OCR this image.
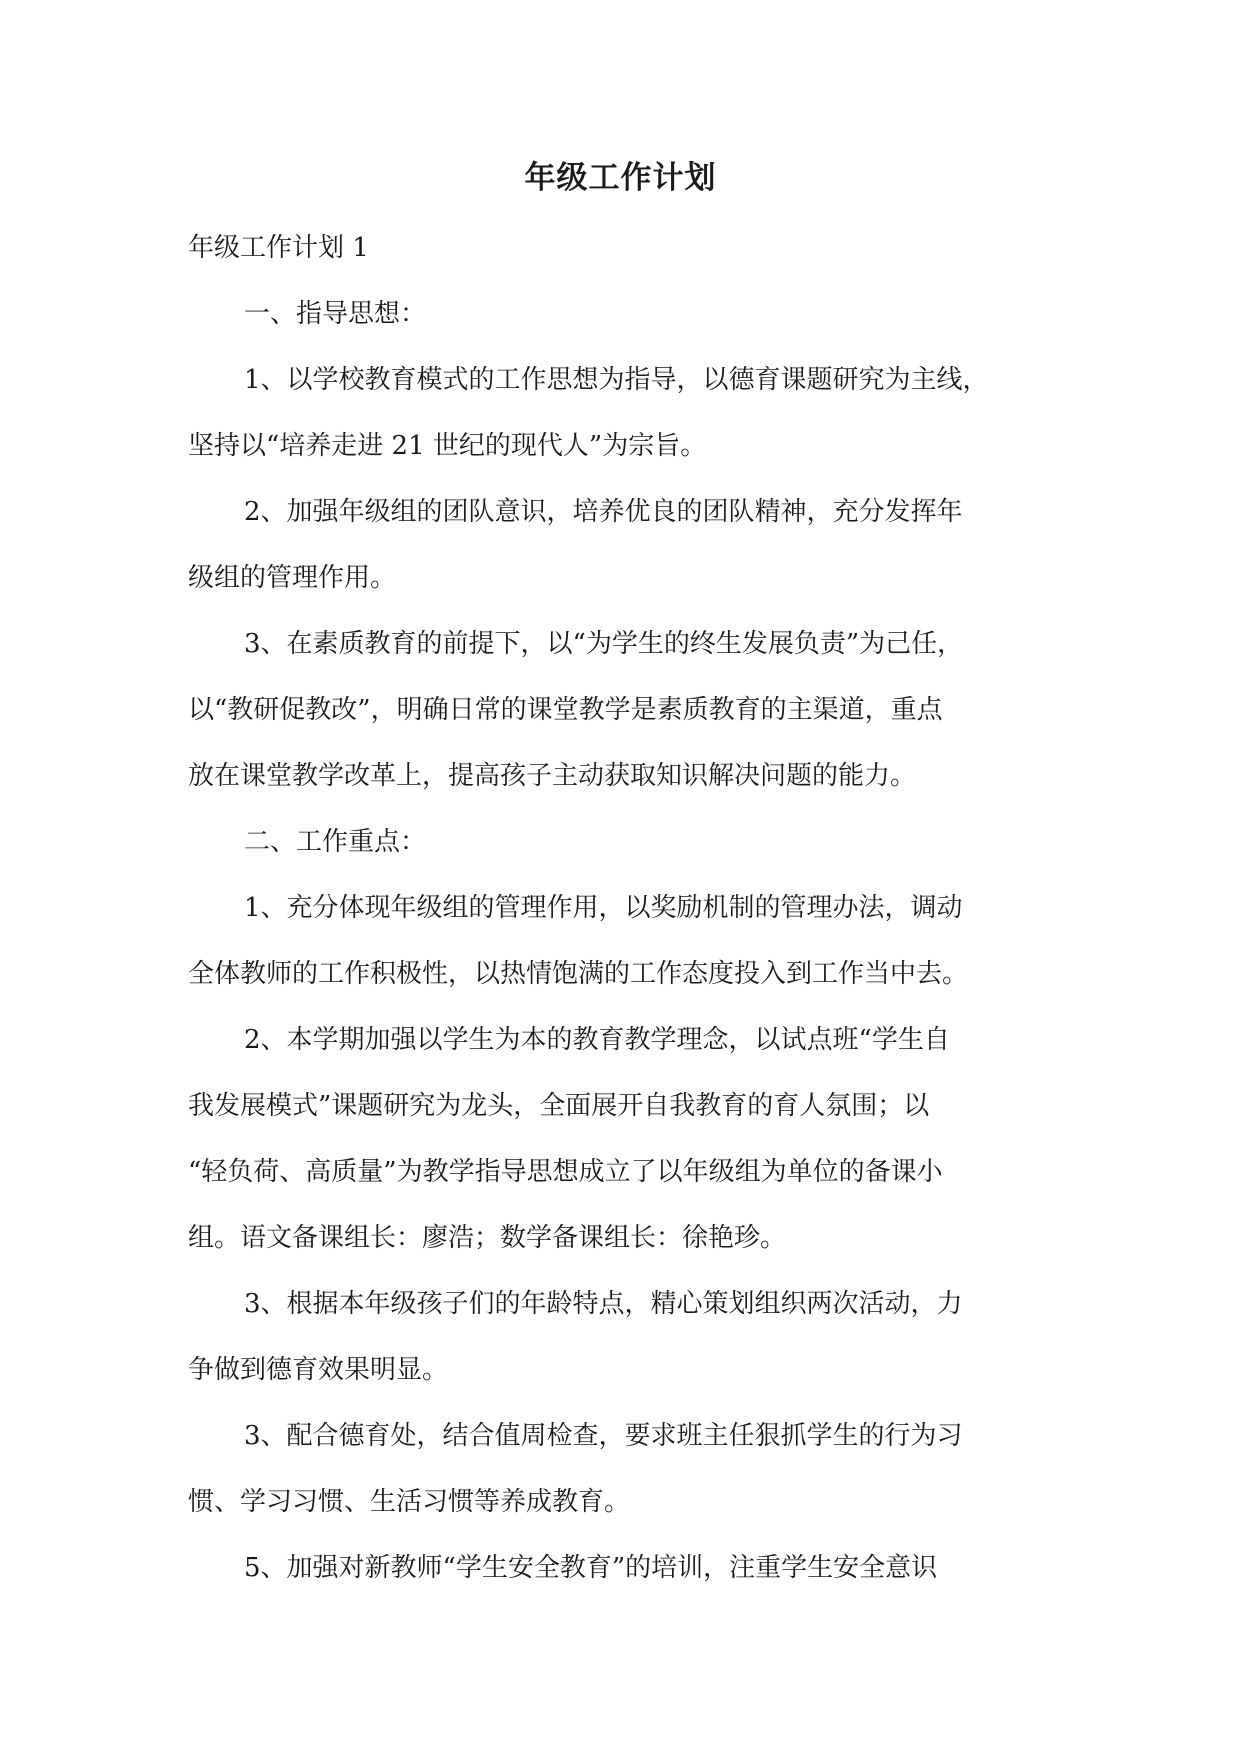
年级工作计划
年级工作计划 1
一、指导思想：
1、以学校教育模式的工作思想为指导，以德育课题研究为主线，
坚持以“培养走进 21 世纪的现代人”为宗旨。
2、加强年级组的团队意识，培养优良的团队精神，充分发挥年
级组的管理作用。
3、在素质教育的前提下，以“为学生的终生发展负责”为己任，
以“教研促教改”，明确日常的课堂教学是素质教育的主渠道，重点
放在课堂教学改革上，提高孩子主动获取知识解决问题的能力。
二、工作重点：
1、充分体现年级组的管理作用，以奖励机制的管理办法，调动
全体教师的工作积极性，以热情饱满的工作态度投入到工作当中去。
2、本学期加强以学生为本的教育教学理念，以试点班“学生自
我发展模式”课题研究为龙头，全面展开自我教育的育人氛围；以
“轻负荷、高质量”为教学指导思想成立了以年级组为单位的备课小
组。语文备课组长：廖浩；数学备课组长：徐艳珍。
3、根据本年级孩子们的年龄特点，精心策划组织两次活动，力
争做到德育效果明显。
3、配合德育处，结合值周检查，要求班主任狠抓学生的行为习
惯、学习习惯、生活习惯等养成教育。
5、加强对新教师“学生安全教育”的培训，注重学生安全意识
